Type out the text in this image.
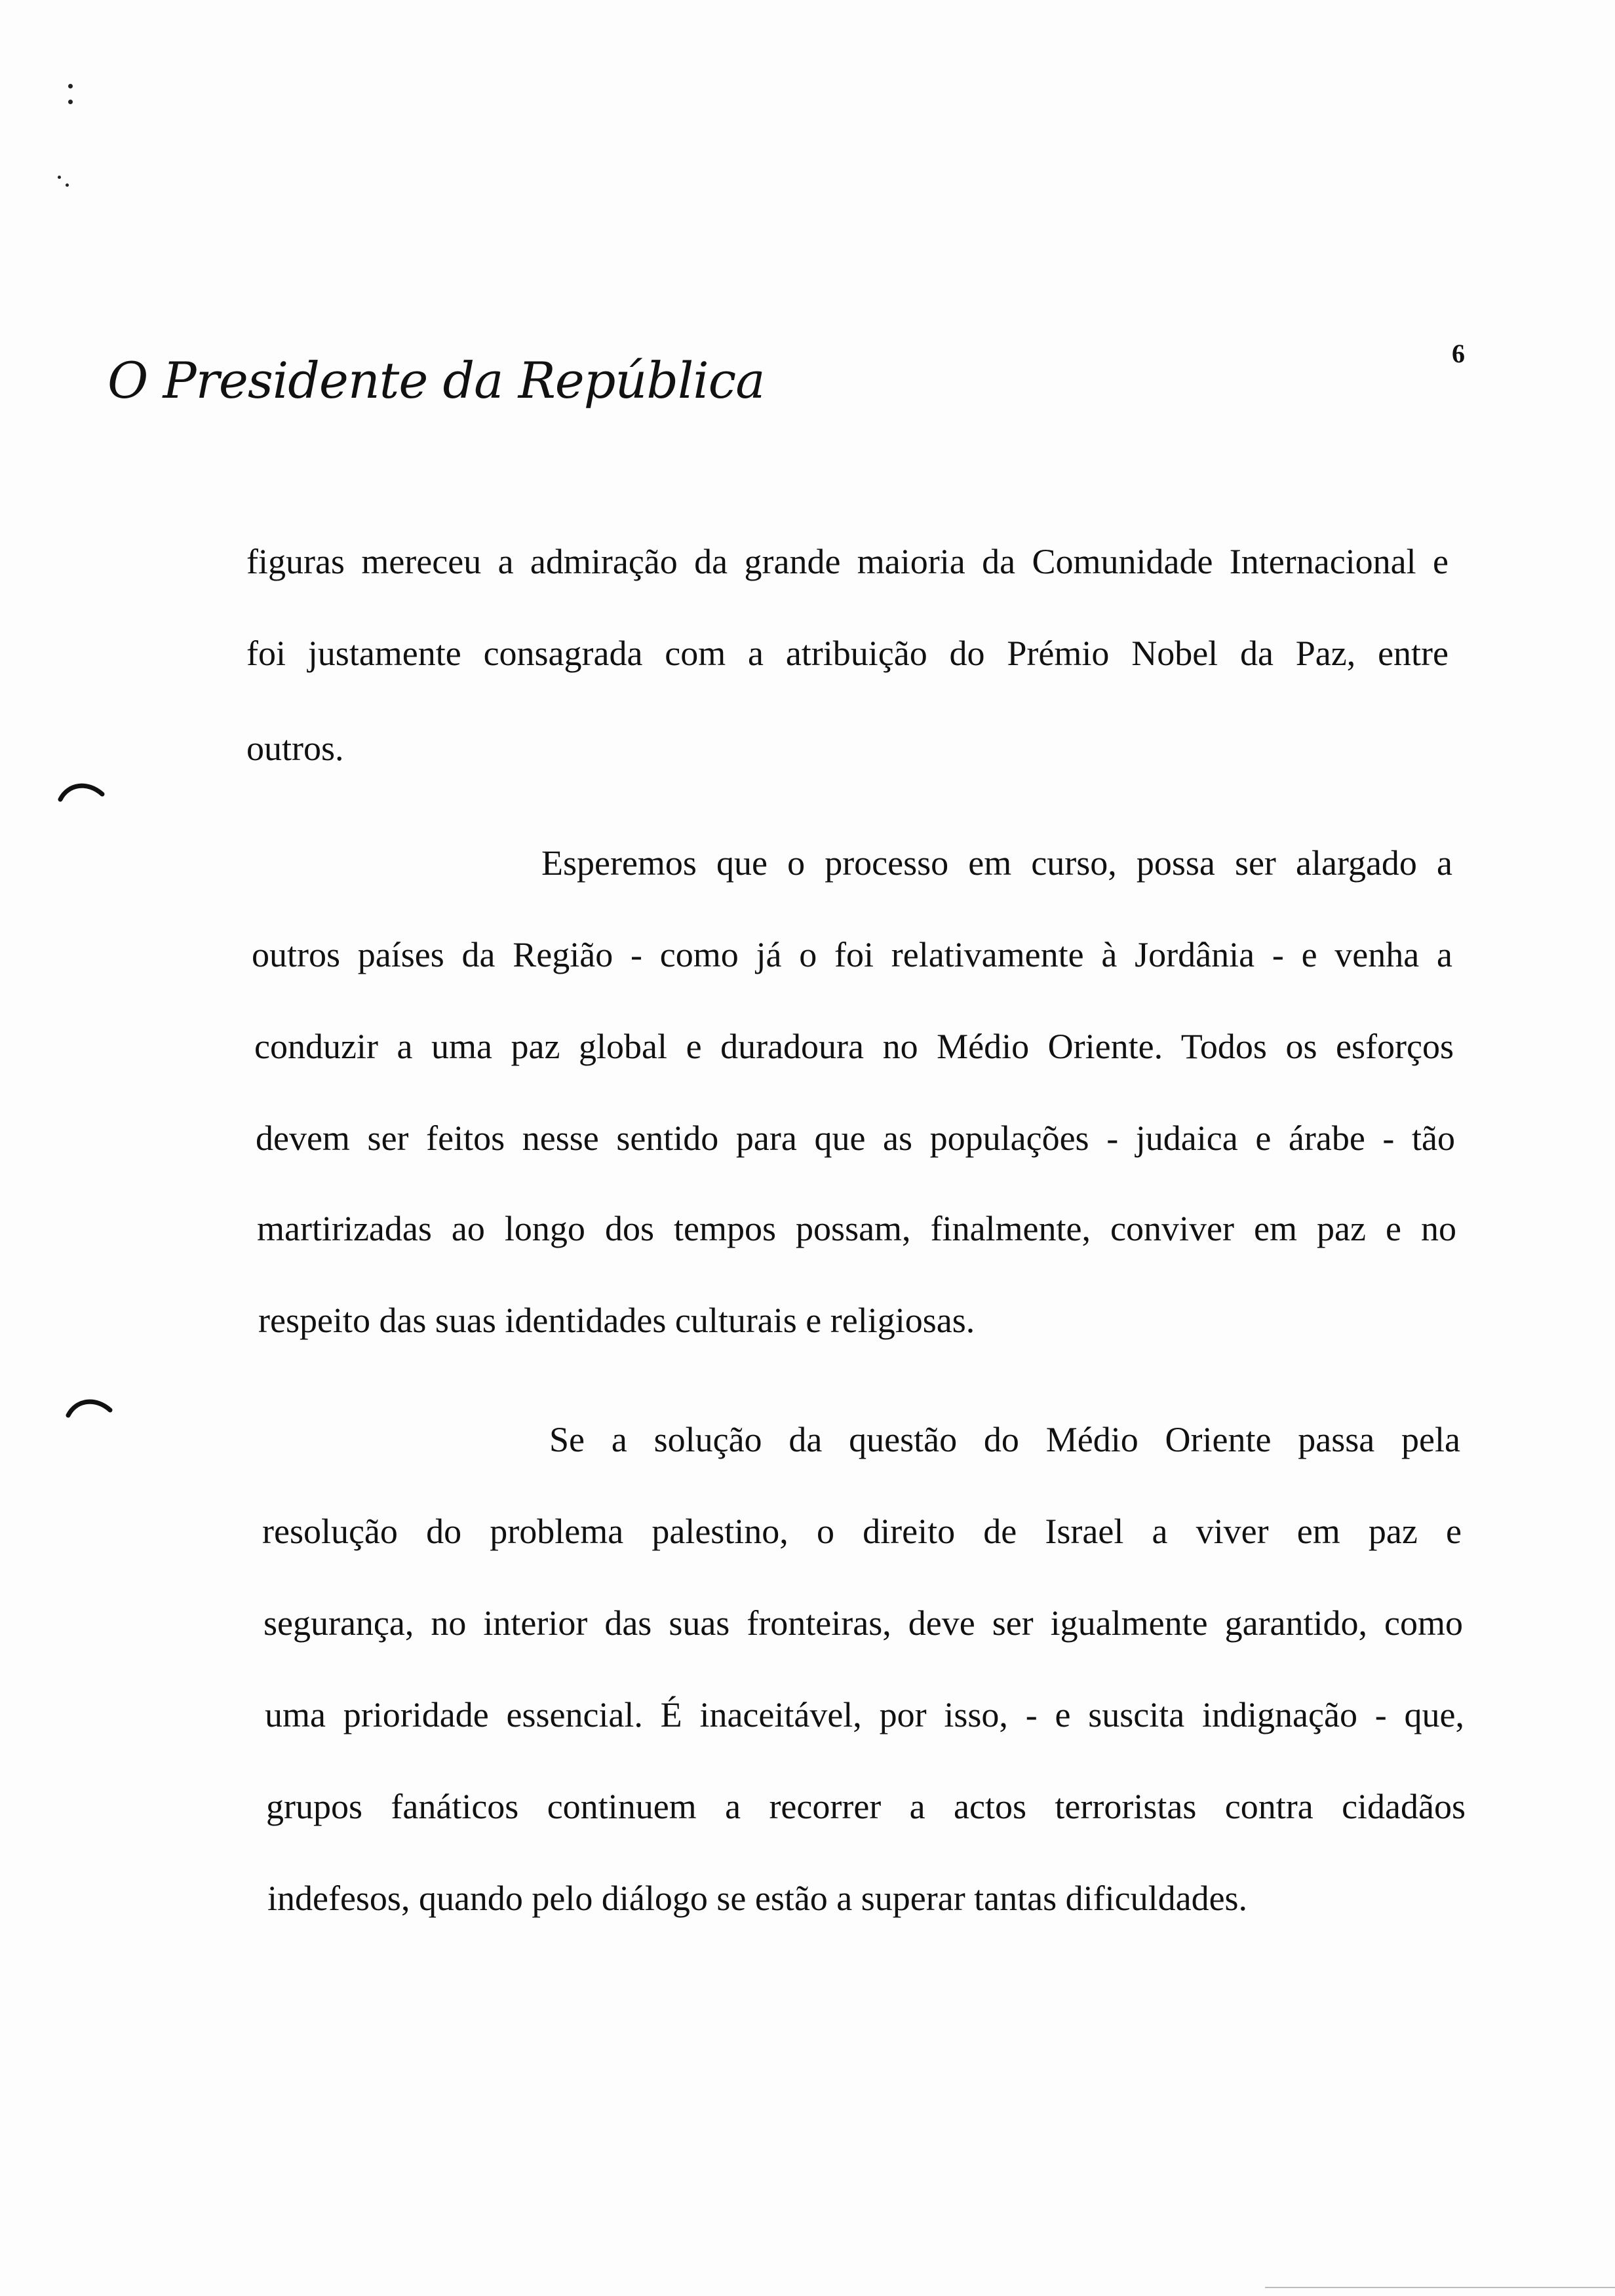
O Presidente da República	6
figuras mereceu a admiração da grande maioria da Comunidade Internacional e
foi justamente consagrada com a atribuição do Prémio Nobel da Paz, entre
outros.
Esperemos que o processo em curso, possa ser alargado a
outros países da Região - como já o foi relativamente à Jordânia - e venha a
conduzir a uma paz global e duradoura no Médio Oriente. Todos os esforços
devem ser feitos nesse sentido para que as populações - judaica e árabe - tão
martirizadas ao longo dos tempos possam, finalmente, conviver em paz e no
respeito das suas identidades culturais e religiosas.
Se a solução da questão do Médio Oriente passa pela
resolução do problema palestino, o direito de Israel a viver em paz e
segurança, no interior das suas fronteiras, deve ser igualmente garantido, como
uma prioridade essencial. É inaceitável, por isso, - e suscita indignação - que,
grupos fanáticos continuem a recorrer a actos terroristas contra cidadãos
indefesos, quando pelo diálogo se estão a superar tantas dificuldades.
